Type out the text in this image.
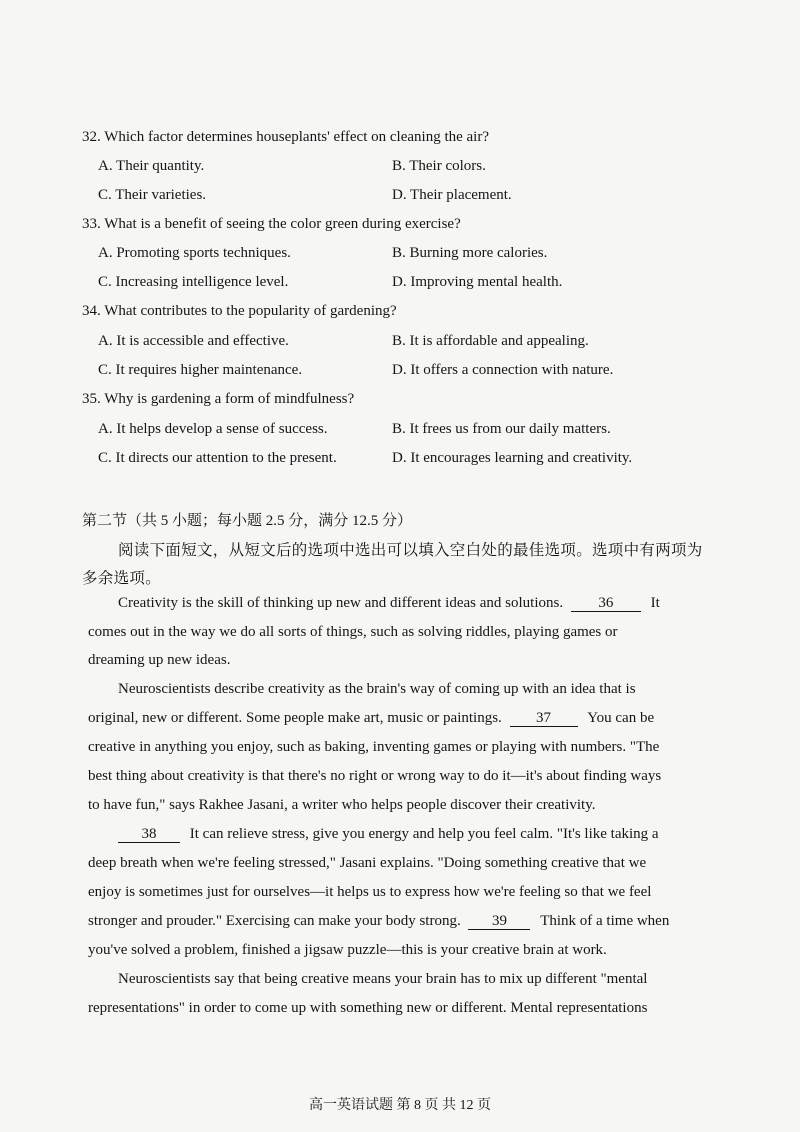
32. Which factor determines houseplants' effect on cleaning the air?
A. Their quantity.	B. Their colors.
C. Their varieties.	D. Their placement.
33. What is a benefit of seeing the color green during exercise?
A. Promoting sports techniques.	B. Burning more calories.
C. Increasing intelligence level.	D. Improving mental health.
34. What contributes to the popularity of gardening?
A. It is accessible and effective.	B. It is affordable and appealing.
C. It requires higher maintenance.	D. It offers a connection with nature.
35. Why is gardening a form of mindfulness?
A. It helps develop a sense of success.	B. It frees us from our daily matters.
C. It directs our attention to the present.	D. It encourages learning and creativity.
第二节（共 5 小题；每小题 2.5 分，满分 12.5 分）
阅读下面短文，从短文后的选项中选出可以填入空白处的最佳选项。选项中有两项为
多余选项。
Creativity is the skill of thinking up new and different ideas and solutions. 36 It
comes out in the way we do all sorts of things, such as solving riddles, playing games or
dreaming up new ideas.
Neuroscientists describe creativity as the brain's way of coming up with an idea that is
original, new or different. Some people make art, music or paintings. 37 You can be
creative in anything you enjoy, such as baking, inventing games or playing with numbers. "The
best thing about creativity is that there's no right or wrong way to do it—it's about finding ways
to have fun," says Rakhee Jasani, a writer who helps people discover their creativity.
38 It can relieve stress, give you energy and help you feel calm. "It's like taking a
deep breath when we're feeling stressed," Jasani explains. "Doing something creative that we
enjoy is sometimes just for ourselves—it helps us to express how we're feeling so that we feel
stronger and prouder." Exercising can make your body strong. 39 Think of a time when
you've solved a problem, finished a jigsaw puzzle—this is your creative brain at work.
Neuroscientists say that being creative means your brain has to mix up different "mental
representations" in order to come up with something new or different. Mental representations
高一英语试题 第 8 页 共 12 页
